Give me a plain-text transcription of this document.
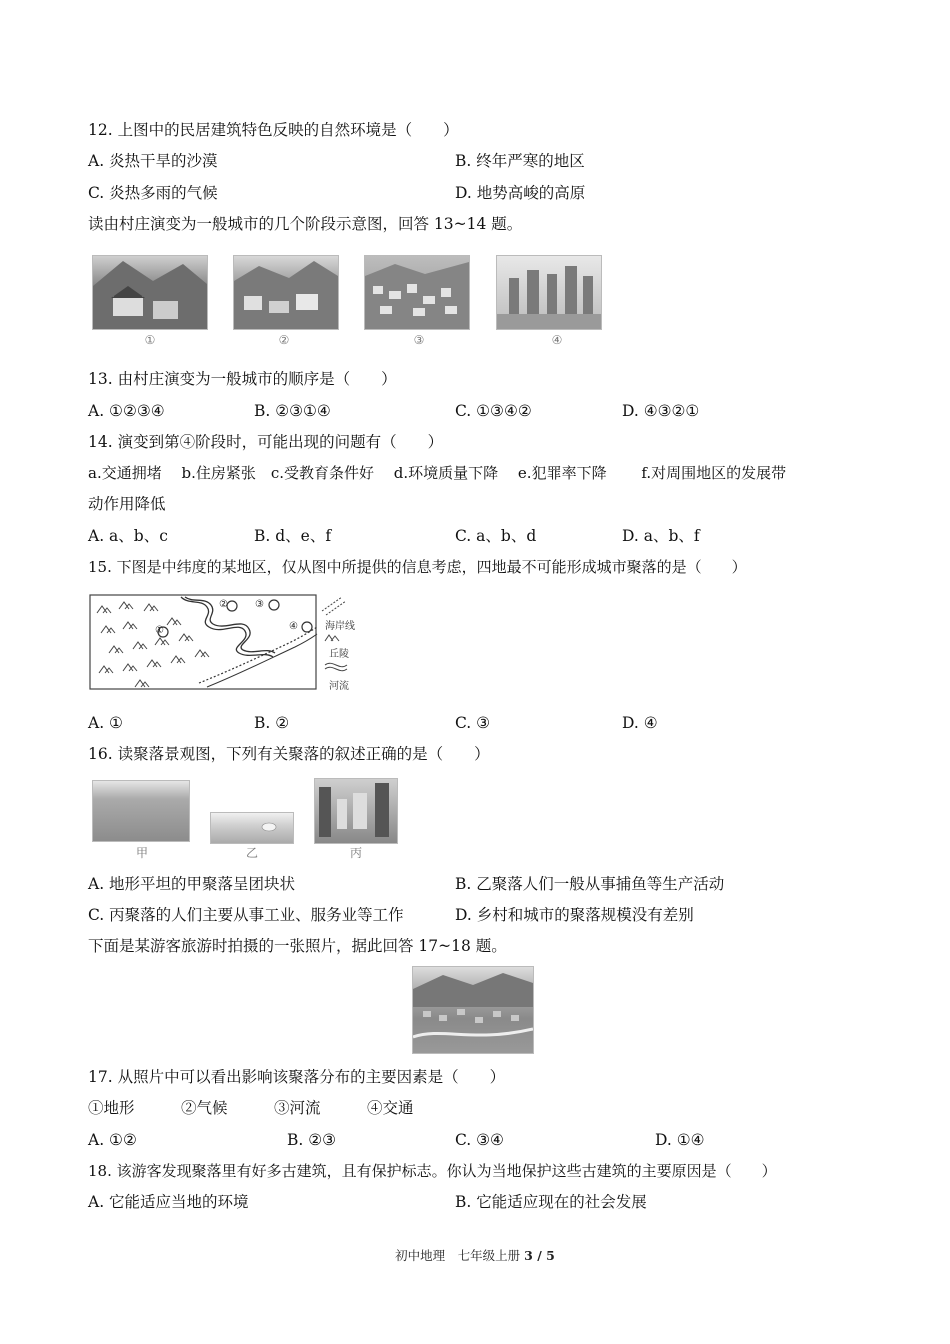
12. 上图中的民居建筑特色反映的自然环境是（　　）
A. 炎热干旱的沙漠	B. 终年严寒的地区
C. 炎热多雨的气候	D. 地势高峻的高原
读由村庄演变为一般城市的几个阶段示意图，回答 13~14 题。
①	②	③	④
13. 由村庄演变为一般城市的顺序是（　　）
A. ①②③④	B. ②③①④	C. ①③④②	D. ④③②①
14. 演变到第④阶段时，可能出现的问题有（　　）
a.交通拥堵　 b.住房紧张　c.受教育条件好　 d.环境质量下降　 e.犯罪率下降　　 f.对周围地区的发展带
动作用降低
A. a、b、c	B. d、e、f	C. a、b、d	D. a、b、f
15. 下图是中纬度的某地区，仅从图中所提供的信息考虑，四地最不可能形成城市聚落的是（　　）
①
②	③
④	海岸线
丘陵
河流
A. ①	B. ②	C. ③	D. ④
16. 读聚落景观图，下列有关聚落的叙述正确的是（　　）
甲	乙	丙
A. 地形平坦的甲聚落呈团块状	B. 乙聚落人们一般从事捕鱼等生产活动
C. 丙聚落的人们主要从事工业、服务业等工作	D. 乡村和城市的聚落规模没有差别
下面是某游客旅游时拍摄的一张照片，据此回答 17~18 题。
17. 从照片中可以看出影响该聚落分布的主要因素是（　　）
①地形　　　②气候　　　③河流　　　④交通
A. ①②	B. ②③	C. ③④	D. ①④
18. 该游客发现聚落里有好多古建筑，且有保护标志。你认为当地保护这些古建筑的主要原因是（　　）
A. 它能适应当地的环境	B. 它能适应现在的社会发展
初中地理　七年级上册 3 / 5
